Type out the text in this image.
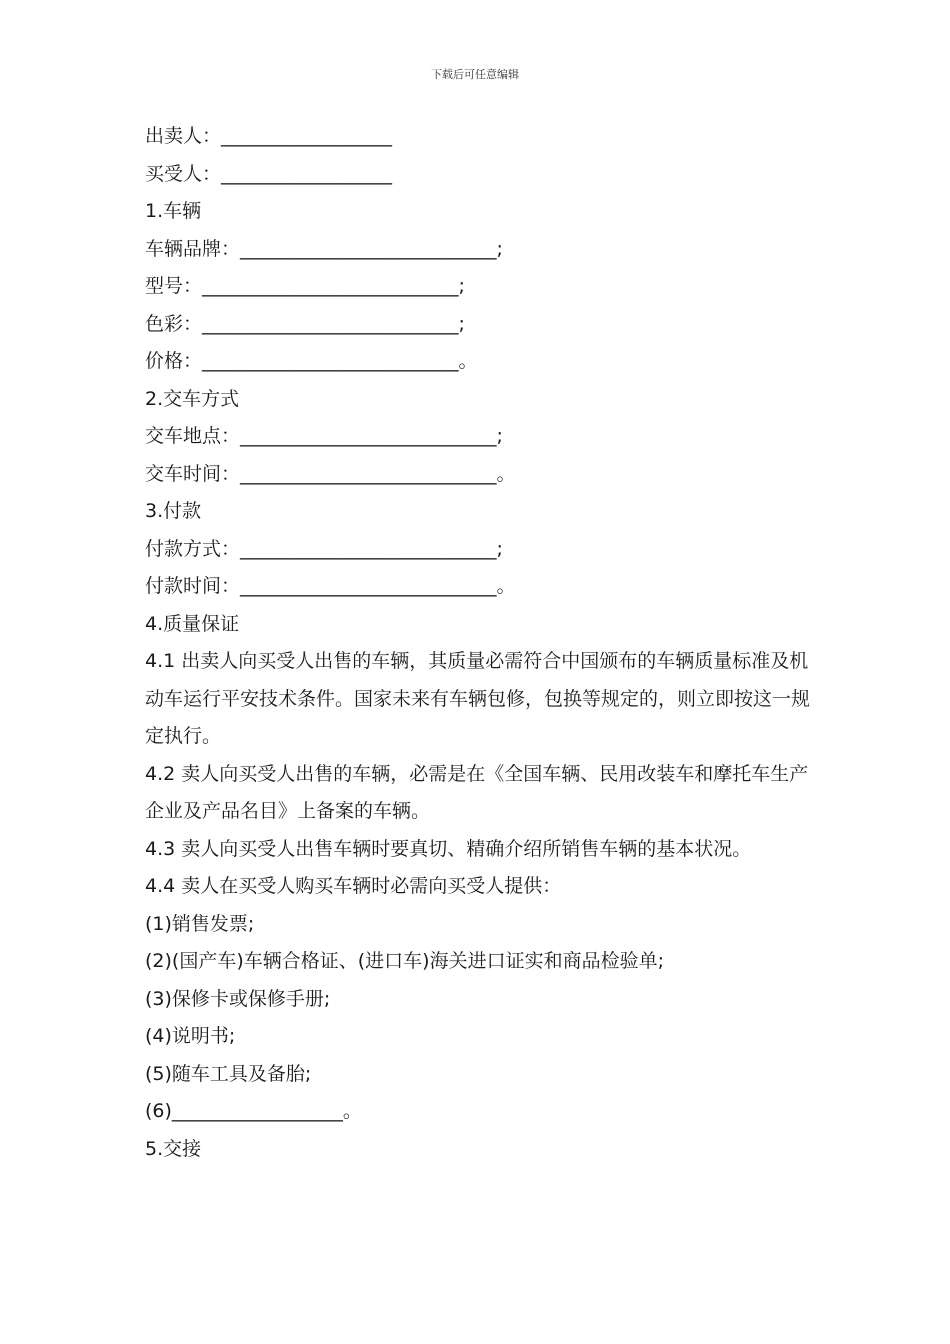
下载后可任意编辑
出卖人：__________________
买受人：__________________
1.车辆
车辆品牌：___________________________;
型号：___________________________;
色彩：___________________________;
价格：___________________________。
2.交车方式
交车地点：___________________________;
交车时间：___________________________。
3.付款
付款方式：___________________________;
付款时间：___________________________。
4.质量保证
4.1 出卖人向买受人出售的车辆，其质量必需符合中国颁布的车辆质量标准及机动车运行平安技术条件。国家未来有车辆包修，包换等规定的，则立即按这一规定执行。
4.2 卖人向买受人出售的车辆，必需是在《全国车辆、民用改装车和摩托车生产企业及产品名目》上备案的车辆。
4.3 卖人向买受人出售车辆时要真切、精确介绍所销售车辆的基本状况。
4.4 卖人在买受人购买车辆时必需向买受人提供：
(1)销售发票;
(2)(国产车)车辆合格证、(进口车)海关进口证实和商品检验单;
(3)保修卡或保修手册;
(4)说明书;
(5)随车工具及备胎;
(6)__________________。
5.交接
